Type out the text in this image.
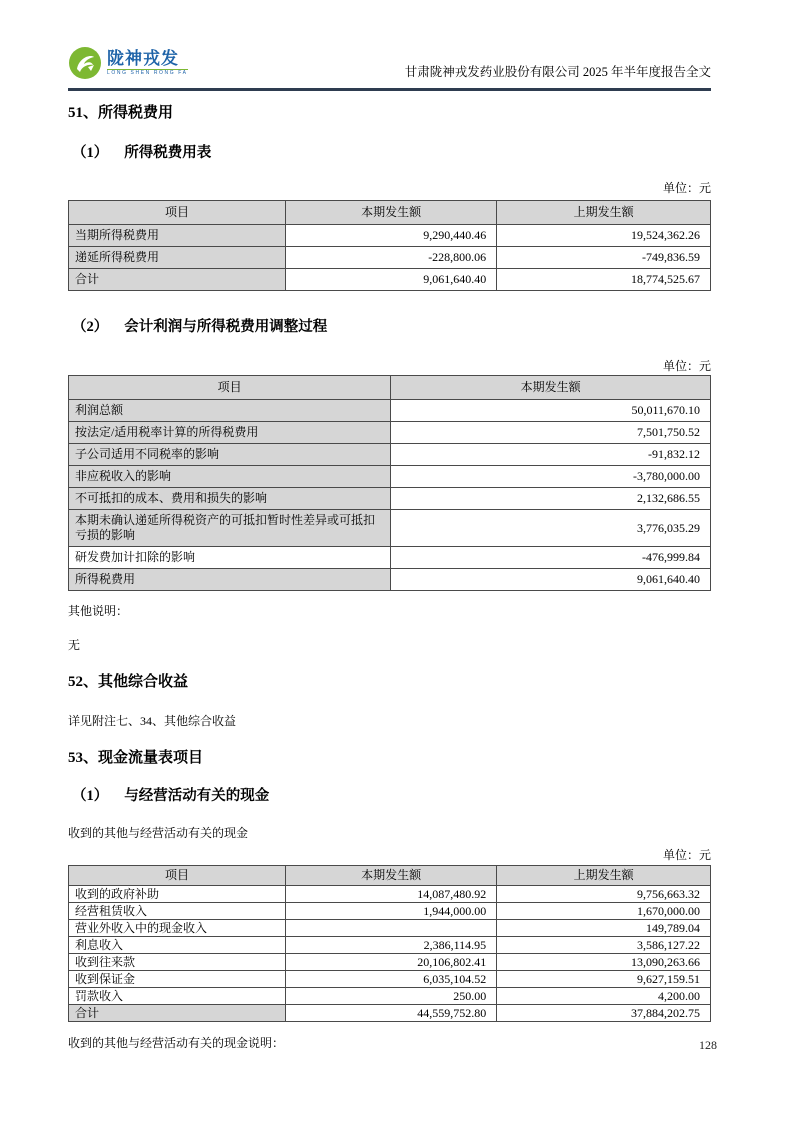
陇神戎发
LONG SHEN RONG FA	甘肃陇神戎发药业股份有限公司 2025 年半年度报告全文
51、所得税费用
（1） 所得税费用表
单位：元
项目	本期发生额	上期发生额
当期所得税费用	9,290,440.46	19,524,362.26
递延所得税费用	-228,800.06	-749,836.59
合计	9,061,640.40	18,774,525.67
（2） 会计利润与所得税费用调整过程
单位：元
项目	本期发生额
利润总额	50,011,670.10
按法定/适用税率计算的所得税费用	7,501,750.52
子公司适用不同税率的影响	-91,832.12
非应税收入的影响	-3,780,000.00
不可抵扣的成本、费用和损失的影响	2,132,686.55
本期未确认递延所得税资产的可抵扣暂时性差异或可抵扣亏损的影响	3,776,035.29
研发费加计扣除的影响	-476,999.84
所得税费用	9,061,640.40
其他说明：
无
52、其他综合收益
详见附注七、34、其他综合收益
53、现金流量表项目
（1） 与经营活动有关的现金
收到的其他与经营活动有关的现金
单位：元
项目	本期发生额	上期发生额
收到的政府补助	14,087,480.92	9,756,663.32
经营租赁收入	1,944,000.00	1,670,000.00
营业外收入中的现金收入		149,789.04
利息收入	2,386,114.95	3,586,127.22
收到往来款	20,106,802.41	13,090,263.66
收到保证金	6,035,104.52	9,627,159.51
罚款收入	250.00	4,200.00
合计	44,559,752.80	37,884,202.75
收到的其他与经营活动有关的现金说明：	128
